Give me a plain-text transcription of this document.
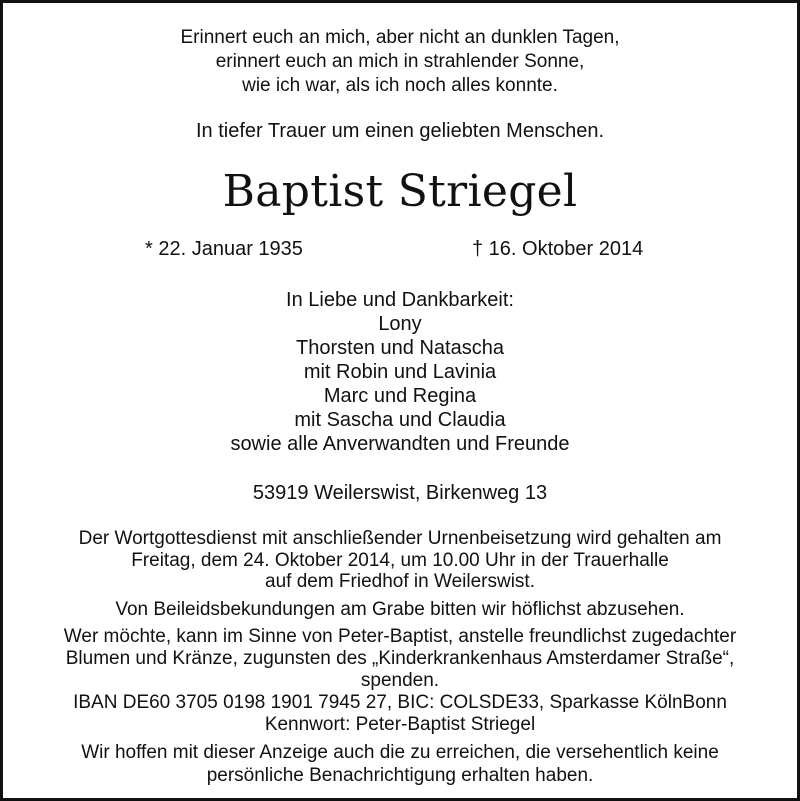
Erinnert euch an mich, aber nicht an dunklen Tagen,
erinnert euch an mich in strahlender Sonne,
wie ich war, als ich noch alles konnte.
In tiefer Trauer um einen geliebten Menschen.
Baptist Striegel
* 22. Januar 1935	† 16. Oktober 2014
In Liebe und Dankbarkeit:
Lony
Thorsten und Natascha
mit Robin und Lavinia
Marc und Regina
mit Sascha und Claudia
sowie alle Anverwandten und Freunde
53919 Weilerswist, Birkenweg 13
Der Wortgottesdienst mit anschließender Urnenbeisetzung wird gehalten am
Freitag, dem 24. Oktober 2014, um 10.00 Uhr in der Trauerhalle
auf dem Friedhof in Weilerswist.
Von Beileidsbekundungen am Grabe bitten wir höflichst abzusehen.
Wer möchte, kann im Sinne von Peter-Baptist, anstelle freundlichst zugedachter
Blumen und Kränze, zugunsten des „Kinderkrankenhaus Amsterdamer Straße“,
spenden.
IBAN DE60 3705 0198 1901 7945 27, BIC: COLSDE33, Sparkasse KölnBonn
Kennwort: Peter-Baptist Striegel
Wir hoffen mit dieser Anzeige auch die zu erreichen, die versehentlich keine
persönliche Benachrichtigung erhalten haben.
